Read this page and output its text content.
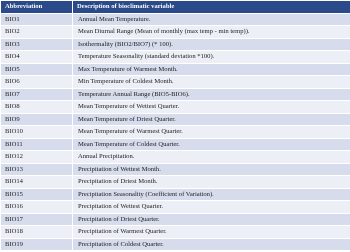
Abbreviation	Description of bioclimatic variable
BIO1	Annual Mean Temperature.
BIO2	Mean Diurnal Range (Mean of monthly (max temp - min temp)).
BIO3	Isothermality (BIO2/BIO7) (* 100).
BIO4	Temperature Seasonality (standard deviation *100).
BIO5	Max Temperature of Warmest Month.
BIO6	Min Temperature of Coldest Month.
BIO7	Temperature Annual Range (BIO5-BIO6).
BIO8	Mean Temperature of Wettest Quarter.
BIO9	Mean Temperature of Driest Quarter.
BIO10	Mean Temperature of Warmest Quarter.
BIO11	Mean Temperature of Coldest Quarter.
BIO12	Annual Precipitation.
BIO13	Precipitation of Wettest Month.
BIO14	Precipitation of Driest Month.
BIO15	Precipitation Seasonality (Coefficient of Variation).
BIO16	Precipitation of Wettest Quarter.
BIO17	Precipitation of Driest Quarter.
BIO18	Precipitation of Warmest Quarter.
BIO19	Precipitation of Coldest Quarter.
